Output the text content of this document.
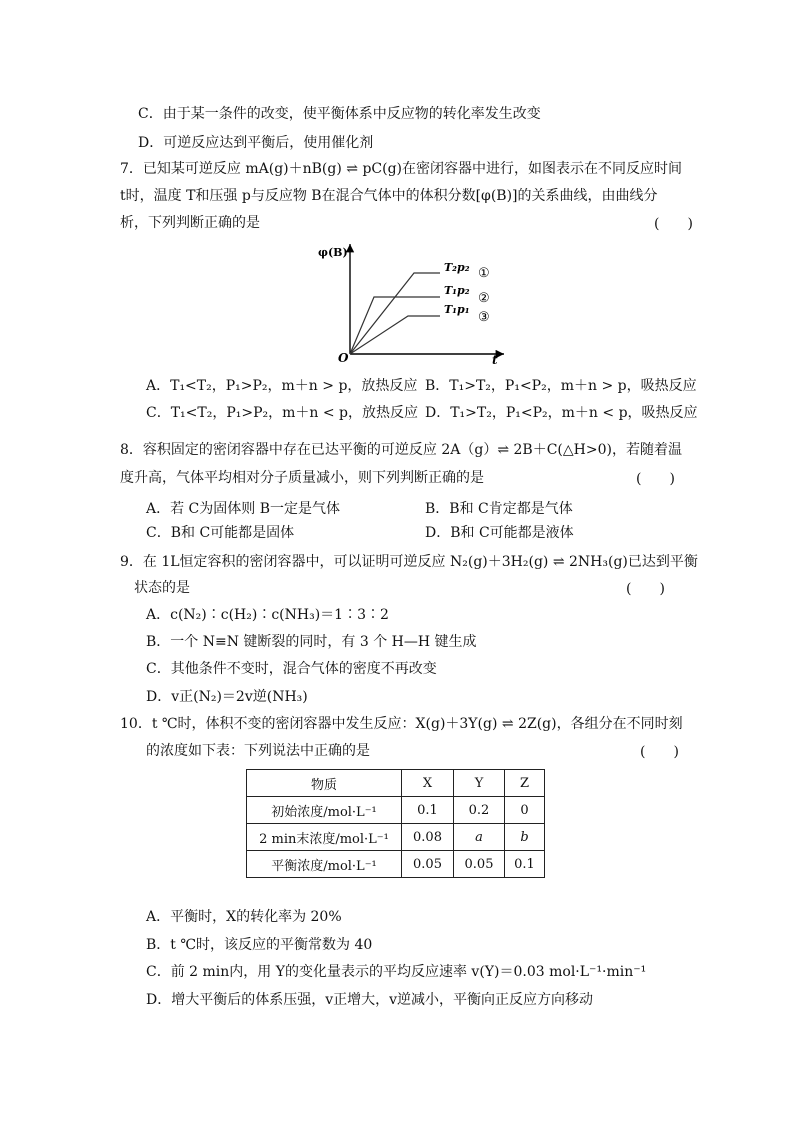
C．由于某一条件的改变，使平衡体系中反应物的转化率发生改变
D．可逆反应达到平衡后，使用催化剂
7．已知某可逆反应 mA(g)＋nB(g) ⇌ pC(g)在密闭容器中进行，如图表示在不同反应时间
t时，温度 T和压强 p与反应物 B在混合气体中的体积分数[φ(B)]的关系曲线，由曲线分
析，下列判断正确的是	(　　)
φ(B)
t
O
T₂p₂ ①
T₁p₂
②
T₁p₁
③
A．T₁<T₂，P₁>P₂，m＋n > p，放热反应 B．T₁>T₂，P₁<P₂，m＋n > p，吸热反应
C．T₁<T₂，P₁>P₂，m＋n < p，放热反应 D．T₁>T₂，P₁<P₂，m＋n < p，吸热反应
8．容积固定的密闭容器中存在已达平衡的可逆反应 2A（g）⇌ 2B＋C(△H>0)，若随着温
度升高，气体平均相对分子质量减小，则下列判断正确的是	(　　)
A．若 C为固体则 B一定是气体	B．B和 C肯定都是气体
C．B和 C可能都是固体	D．B和 C可能都是液体
9．在 1L恒定容积的密闭容器中，可以证明可逆反应 N₂(g)＋3H₂(g) ⇌ 2NH₃(g)已达到平衡
状态的是	(　　)
A．c(N₂)∶c(H₂)∶c(NH₃)＝1∶3∶2
B．一个 N≡N 键断裂的同时，有 3 个 H—H 键生成
C．其他条件不变时，混合气体的密度不再改变
D．v正(N₂)＝2v逆(NH₃)
10．t ℃时，体积不变的密闭容器中发生反应：X(g)＋3Y(g) ⇌ 2Z(g)，各组分在不同时刻
的浓度如下表：下列说法中正确的是	(　　)
物质	X	Y	Z
初始浓度/mol·L⁻¹	0.1	0.2	0
2 min末浓度/mol·L⁻¹	0.08	a	b
平衡浓度/mol·L⁻¹	0.05	0.05	0.1
A．平衡时，X的转化率为 20%
B．t ℃时，该反应的平衡常数为 40
C．前 2 min内，用 Y的变化量表示的平均反应速率 v(Y)＝0.03 mol·L⁻¹·min⁻¹
D．增大平衡后的体系压强，v正增大，v逆减小，平衡向正反应方向移动
